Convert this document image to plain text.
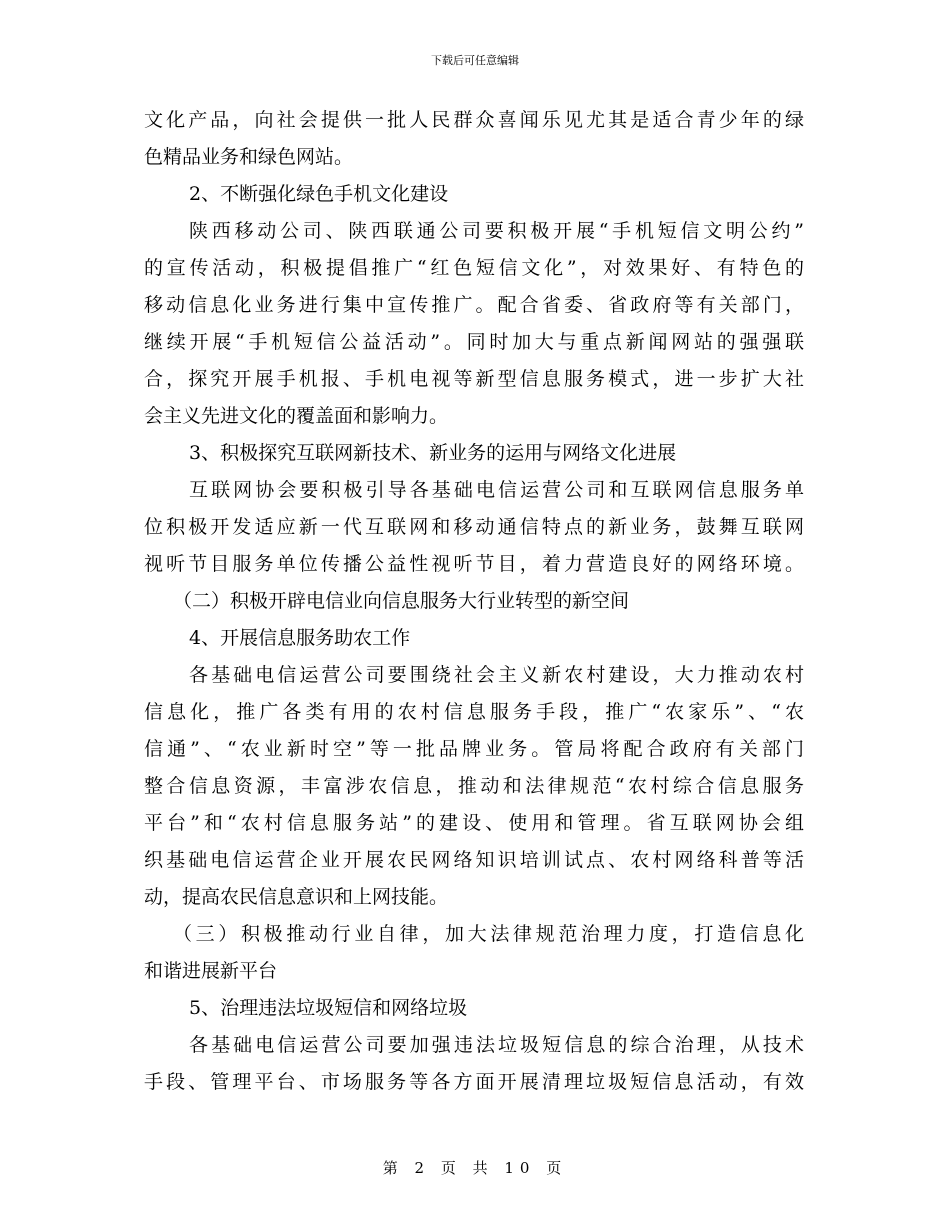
下载后可任意编辑
文化产品，向社会提供一批人民群众喜闻乐见尤其是适合青少年的绿
色精品业务和绿色网站。
2、不断强化绿色手机文化建设
陕西移动公司、陕西联通公司要积极开展“手机短信文明公约”
的宣传活动，积极提倡推广“红色短信文化”，对效果好、有特色的
移动信息化业务进行集中宣传推广。配合省委、省政府等有关部门，
继续开展“手机短信公益活动”。同时加大与重点新闻网站的强强联
合，探究开展手机报、手机电视等新型信息服务模式，进一步扩大社
会主义先进文化的覆盖面和影响力。
3、积极探究互联网新技术、新业务的运用与网络文化进展
互联网协会要积极引导各基础电信运营公司和互联网信息服务单
位积极开发适应新一代互联网和移动通信特点的新业务，鼓舞互联网
视听节目服务单位传播公益性视听节目，着力营造良好的网络环境。
（二）积极开辟电信业向信息服务大行业转型的新空间
4、开展信息服务助农工作
各基础电信运营公司要围绕社会主义新农村建设，大力推动农村
信息化，推广各类有用的农村信息服务手段，推广“农家乐”、“农
信通”、“农业新时空”等一批品牌业务。管局将配合政府有关部门
整合信息资源，丰富涉农信息，推动和法律规范“农村综合信息服务
平台”和“农村信息服务站”的建设、使用和管理。省互联网协会组
织基础电信运营企业开展农民网络知识培训试点、农村网络科普等活
动，提高农民信息意识和上网技能。
（三）积极推动行业自律，加大法律规范治理力度，打造信息化
和谐进展新平台
5、治理违法垃圾短信和网络垃圾
各基础电信运营公司要加强违法垃圾短信息的综合治理，从技术
手段、管理平台、市场服务等各方面开展清理垃圾短信息活动，有效
第 2 页 共 10 页
